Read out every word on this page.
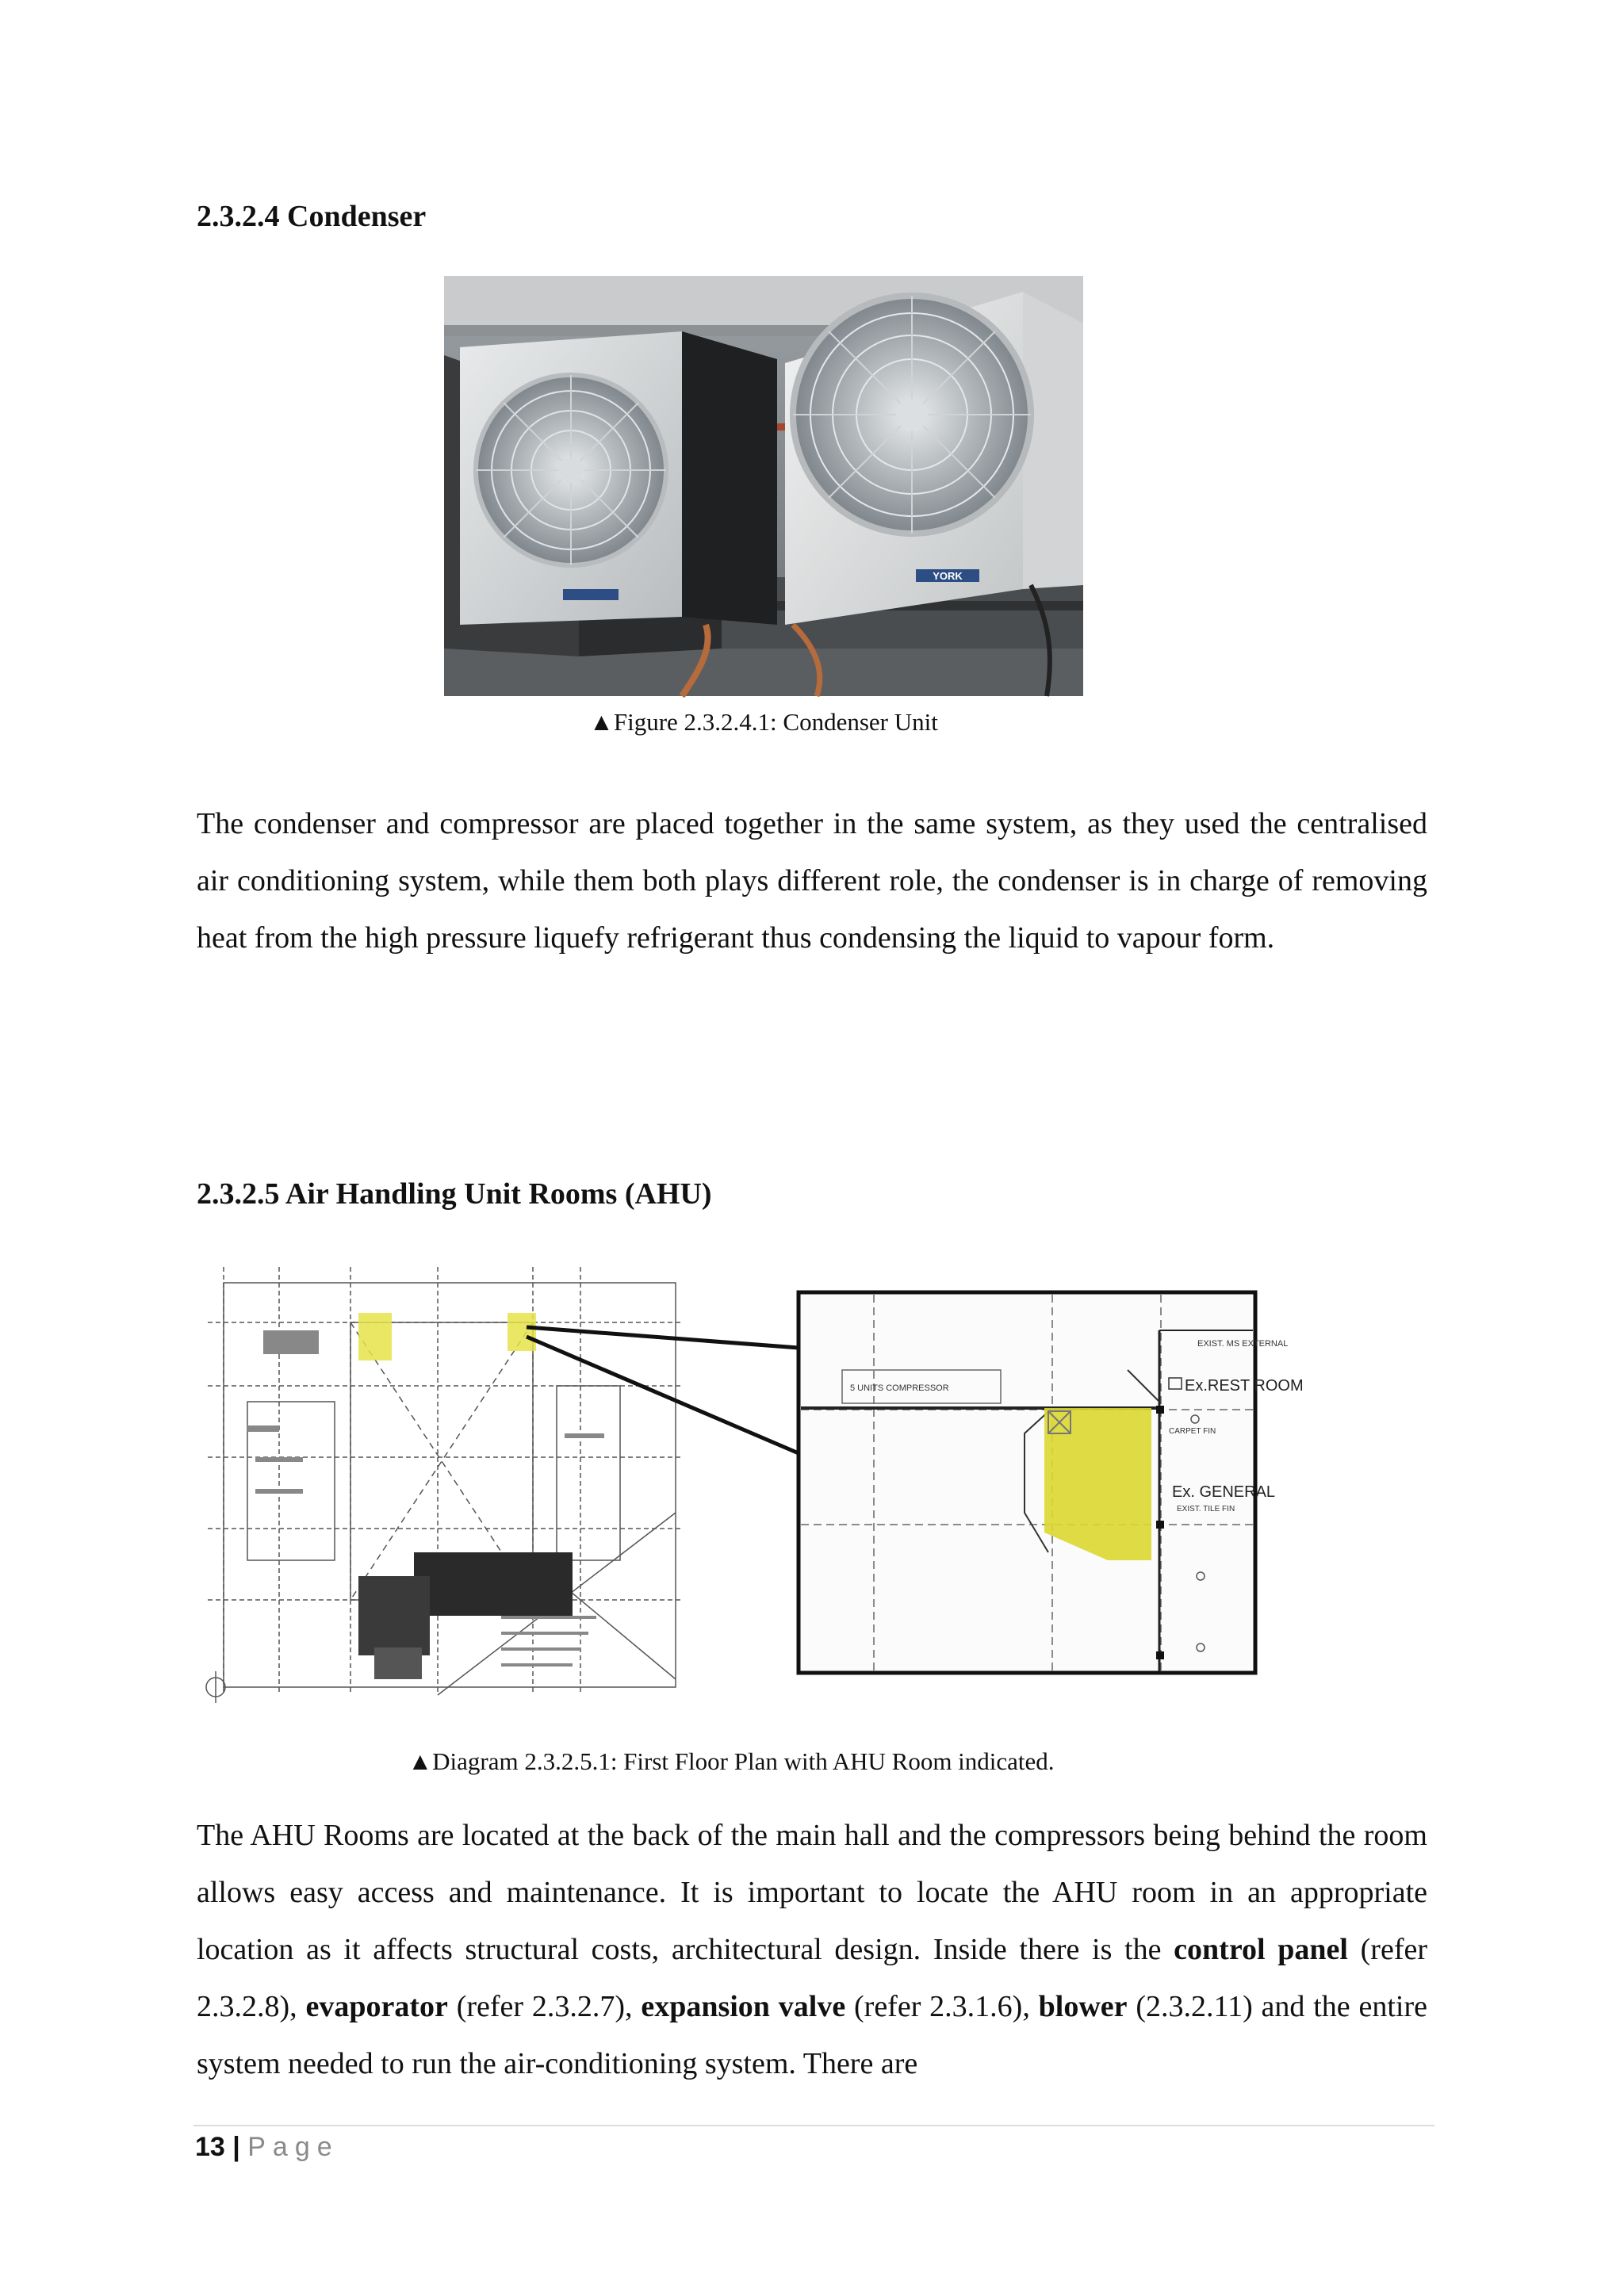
2.3.2.4 Condenser
YORK
▲Figure 2.3.2.4.1: Condenser Unit

The condenser and compressor are placed together in the same system, as they used the centralised air conditioning system, while them both plays different role, the condenser is in charge of removing heat from the high pressure liquefy refrigerant thus condensing the liquid to vapour form.

2.3.2.5 Air Handling Unit Rooms (AHU)
EXIST. MS EXTERNAL
5 UNITS COMPRESSOR	Ex.REST ROOM
CARPET FIN
Ex. GENERAL
EXIST. TILE FIN
▲Diagram 2.3.2.5.1: First Floor Plan with AHU Room indicated.

The AHU Rooms are located at the back of the main hall and the compressors being behind the room allows easy access and maintenance. It is important to locate the AHU room in an appropriate location as it affects structural costs, architectural design. Inside there is the control panel (refer 2.3.2.8), evaporator (refer 2.3.2.7), expansion valve (refer 2.3.1.6), blower (2.3.2.11) and the entire system needed to run the air-conditioning system. There are

13 | Page
